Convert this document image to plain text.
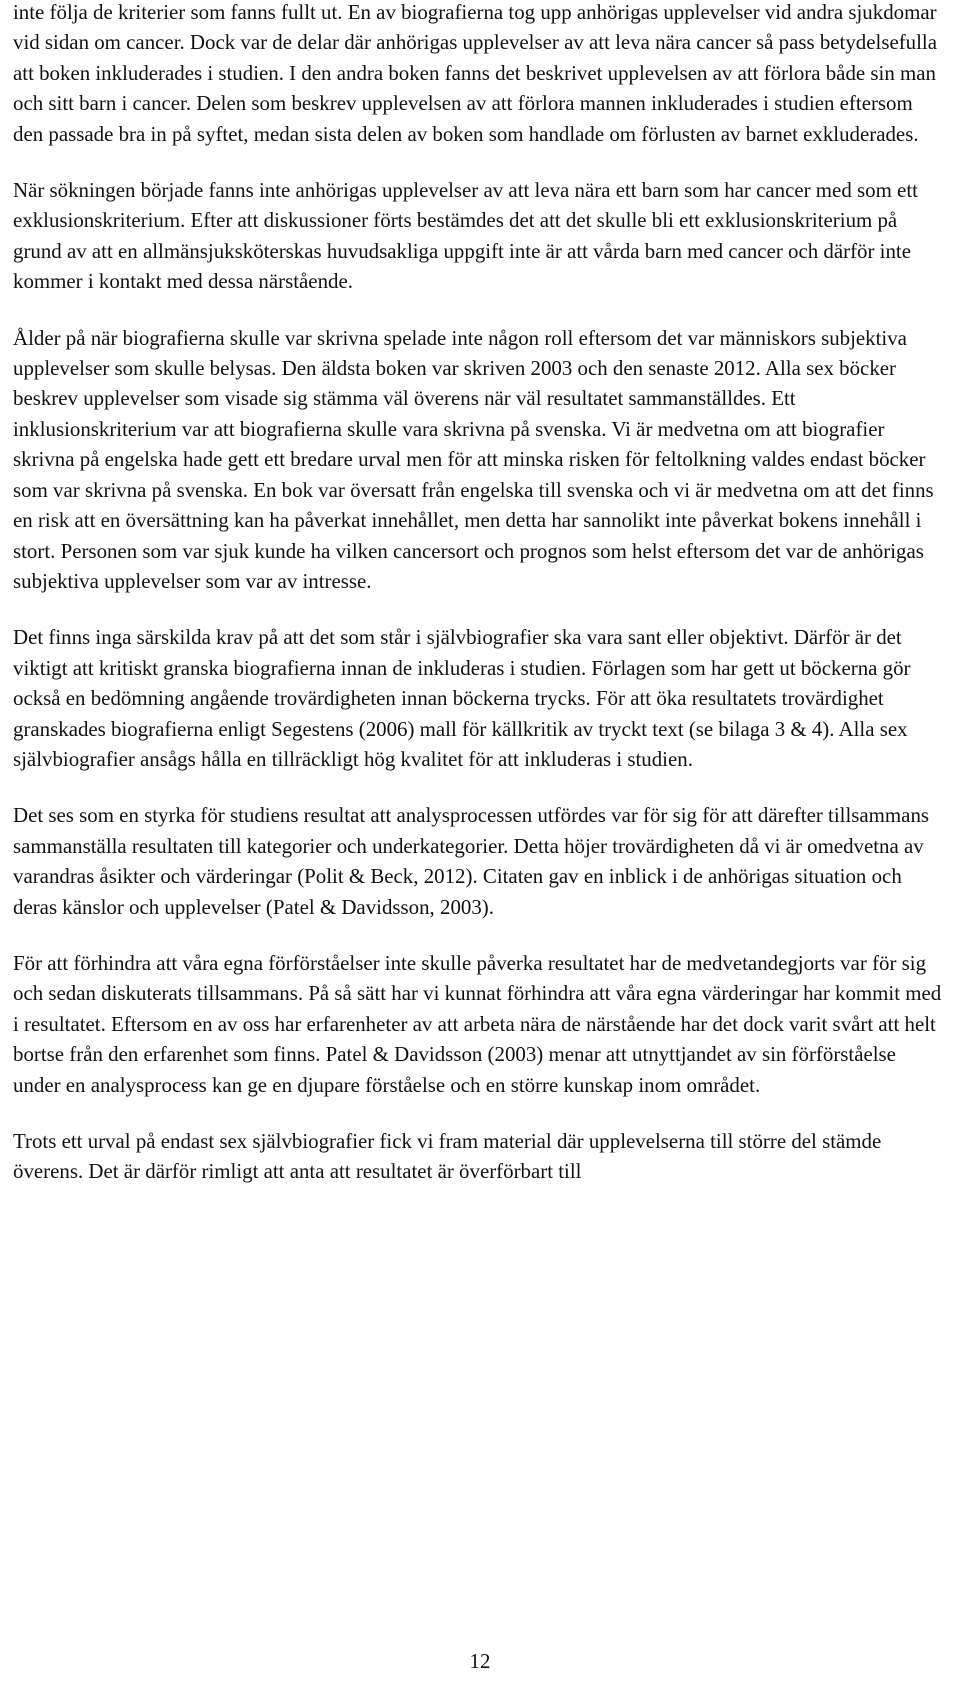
inte följa de kriterier som fanns fullt ut. En av biografierna tog upp anhörigas upplevelser vid andra sjukdomar vid sidan om cancer. Dock var de delar där anhörigas upplevelser av att leva nära cancer så pass betydelsefulla att boken inkluderades i studien. I den andra boken fanns det beskrivet upplevelsen av att förlora både sin man och sitt barn i cancer. Delen som beskrev upplevelsen av att förlora mannen inkluderades i studien eftersom den passade bra in på syftet, medan sista delen av boken som handlade om förlusten av barnet exkluderades.

När sökningen började fanns inte anhörigas upplevelser av att leva nära ett barn som har cancer med som ett exklusionskriterium. Efter att diskussioner förts bestämdes det att det skulle bli ett exklusionskriterium på grund av att en allmänsjuksköterskas huvudsakliga uppgift inte är att vårda barn med cancer och därför inte kommer i kontakt med dessa närstående.

Ålder på när biografierna skulle var skrivna spelade inte någon roll eftersom det var människors subjektiva upplevelser som skulle belysas. Den äldsta boken var skriven 2003 och den senaste 2012. Alla sex böcker beskrev upplevelser som visade sig stämma väl överens när väl resultatet sammanställdes. Ett inklusionskriterium var att biografierna skulle vara skrivna på svenska. Vi är medvetna om att biografier skrivna på engelska hade gett ett bredare urval men för att minska risken för feltolkning valdes endast böcker som var skrivna på svenska. En bok var översatt från engelska till svenska och vi är medvetna om att det finns en risk att en översättning kan ha påverkat innehållet, men detta har sannolikt inte påverkat bokens innehåll i stort. Personen som var sjuk kunde ha vilken cancersort och prognos som helst eftersom det var de anhörigas subjektiva upplevelser som var av intresse.

Det finns inga särskilda krav på att det som står i självbiografier ska vara sant eller objektivt. Därför är det viktigt att kritiskt granska biografierna innan de inkluderas i studien. Förlagen som har gett ut böckerna gör också en bedömning angående trovärdigheten innan böckerna trycks. För att öka resultatets trovärdighet granskades biografierna enligt Segestens (2006) mall för källkritik av tryckt text (se bilaga 3 & 4). Alla sex självbiografier ansågs hålla en tillräckligt hög kvalitet för att inkluderas i studien.

Det ses som en styrka för studiens resultat att analysprocessen utfördes var för sig för att därefter tillsammans sammanställa resultaten till kategorier och underkategorier. Detta höjer trovärdigheten då vi är omedvetna av varandras åsikter och värderingar (Polit & Beck, 2012). Citaten gav en inblick i de anhörigas situation och deras känslor och upplevelser (Patel & Davidsson, 2003).

För att förhindra att våra egna förförståelser inte skulle påverka resultatet har de medvetandegjorts var för sig och sedan diskuterats tillsammans. På så sätt har vi kunnat förhindra att våra egna värderingar har kommit med i resultatet. Eftersom en av oss har erfarenheter av att arbeta nära de närstående har det dock varit svårt att helt bortse från den erfarenhet som finns. Patel & Davidsson (2003) menar att utnyttjandet av sin förförståelse under en analysprocess kan ge en djupare förståelse och en större kunskap inom området.

Trots ett urval på endast sex självbiografier fick vi fram material där upplevelserna till större del stämde överens. Det är därför rimligt att anta att resultatet är överförbart till

12
